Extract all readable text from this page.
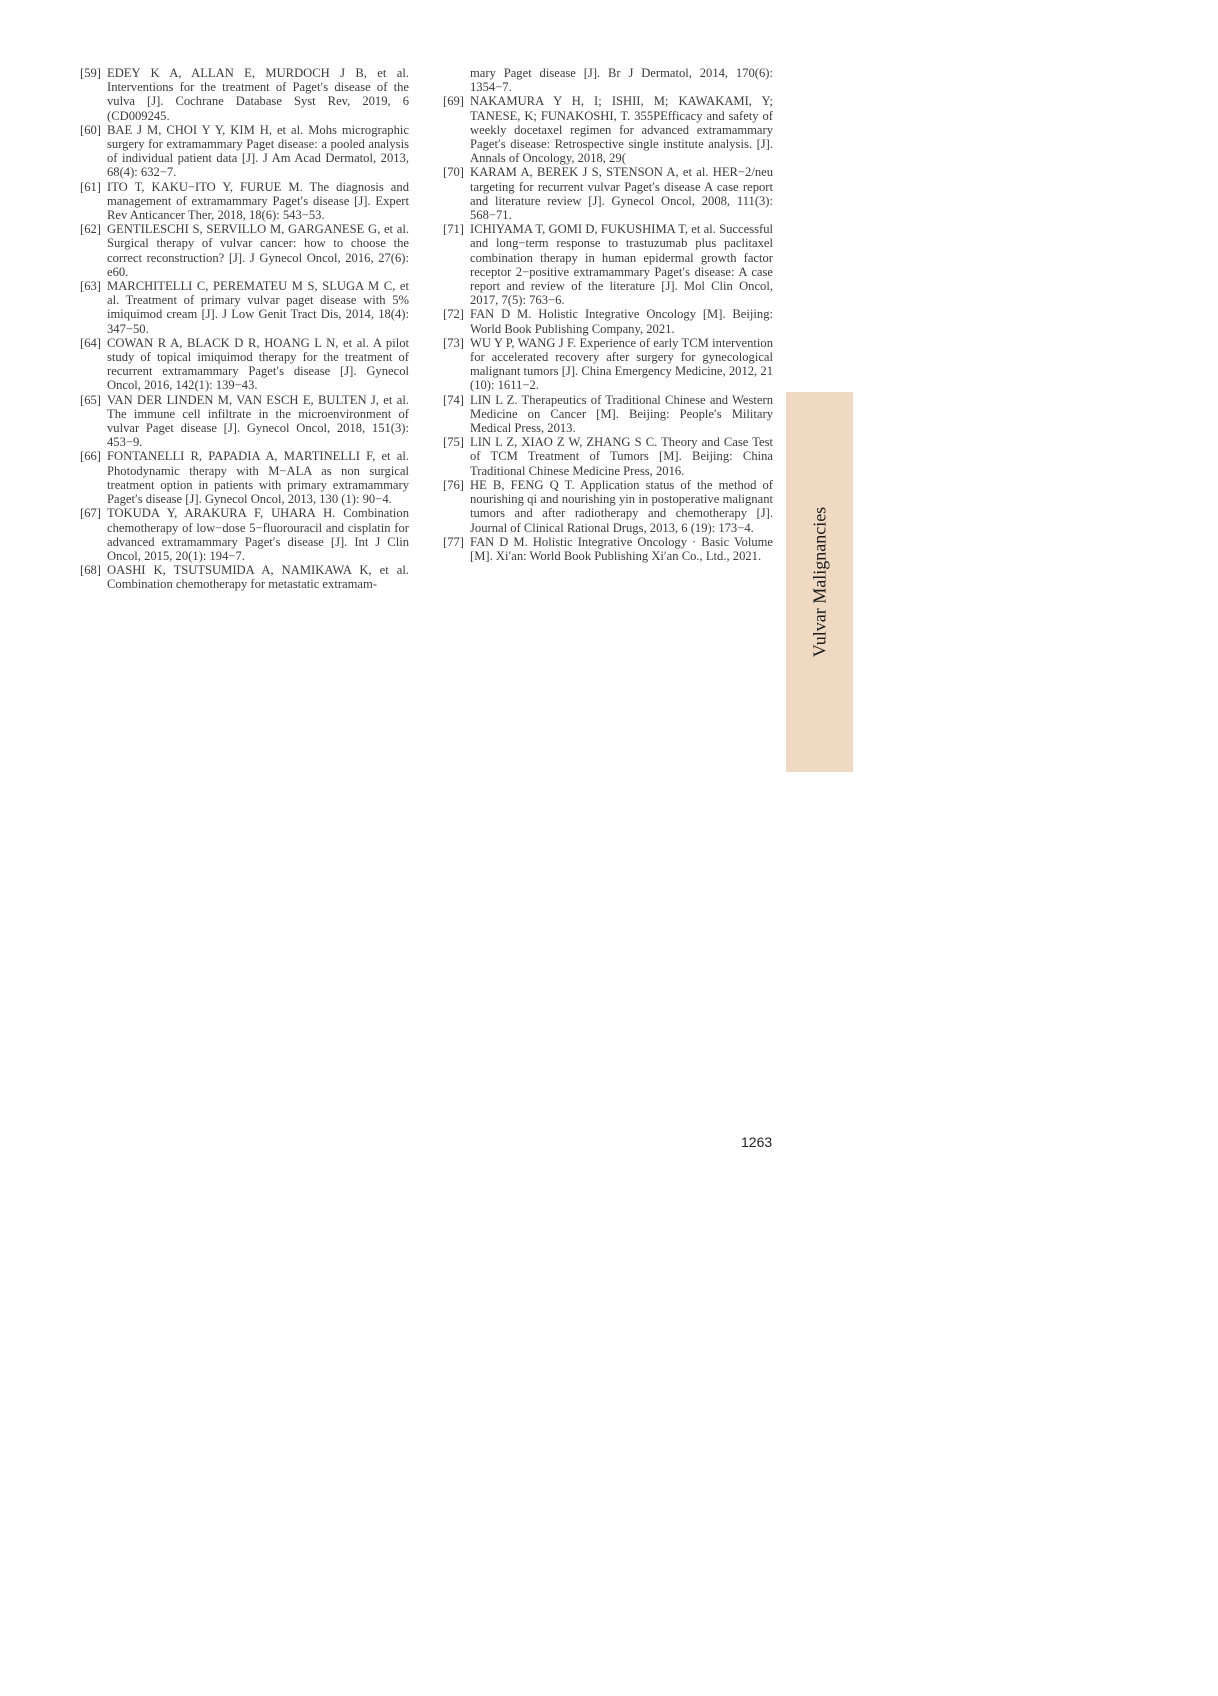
[59] EDEY K A, ALLAN E, MURDOCH J B, et al. Interventions for the treatment of Paget′s disease of the vulva [J]. Cochrane Database Syst Rev, 2019, 6 (CD009245.
[60] BAE J M, CHOI Y Y, KIM H, et al. Mohs micrographic surgery for extramammary Paget disease: a pooled analysis of individual patient data [J]. J Am Acad Dermatol, 2013, 68(4): 632−7.
[61] ITO T, KAKU−ITO Y, FURUE M. The diagnosis and management of extramammary Paget′s disease [J]. Expert Rev Anticancer Ther, 2018, 18(6): 543−53.
[62] GENTILESCHI S, SERVILLO M, GARGANESE G, et al. Surgical therapy of vulvar cancer: how to choose the correct reconstruction? [J]. J Gynecol Oncol, 2016, 27(6): e60.
[63] MARCHITELLI C, PEREMATEU M S, SLUGA M C, et al. Treatment of primary vulvar paget disease with 5% imiquimod cream [J]. J Low Genit Tract Dis, 2014, 18(4): 347−50.
[64] COWAN R A, BLACK D R, HOANG L N, et al. A pilot study of topical imiquimod therapy for the treatment of recurrent extramammary Paget′s disease [J]. Gynecol Oncol, 2016, 142(1): 139−43.
[65] VAN DER LINDEN M, VAN ESCH E, BULTEN J, et al. The immune cell infiltrate in the microenvironment of vulvar Paget disease [J]. Gynecol Oncol, 2018, 151(3): 453−9.
[66] FONTANELLI R, PAPADIA A, MARTINELLI F, et al. Photodynamic therapy with M−ALA as non surgical treatment option in patients with primary extramammary Paget′s disease [J]. Gynecol Oncol, 2013, 130 (1): 90−4.
[67] TOKUDA Y, ARAKURA F, UHARA H. Combination chemotherapy of low−dose 5−fluorouracil and cisplatin for advanced extramammary Paget′s disease [J]. Int J Clin Oncol, 2015, 20(1): 194−7.
[68] OASHI K, TSUTSUMIDA A, NAMIKAWA K, et al. Combination chemotherapy for metastatic extramam-
mary Paget disease [J]. Br J Dermatol, 2014, 170(6): 1354−7.
[69] NAKAMURA Y H, I; ISHII, M; KAWAKAMI, Y; TANESE, K; FUNAKOSHI, T. 355PEfficacy and safety of weekly docetaxel regimen for advanced extramammary Paget′s disease: Retrospective single institute analysis. [J]. Annals of Oncology, 2018, 29(
[70] KARAM A, BEREK J S, STENSON A, et al. HER−2/neu targeting for recurrent vulvar Paget′s disease A case report and literature review [J]. Gynecol Oncol, 2008, 111(3): 568−71.
[71] ICHIYAMA T, GOMI D, FUKUSHIMA T, et al. Successful and long−term response to trastuzumab plus paclitaxel combination therapy in human epidermal growth factor receptor 2−positive extramammary Paget′s disease: A case report and review of the literature [J]. Mol Clin Oncol, 2017, 7(5): 763−6.
[72] FAN D M. Holistic Integrative Oncology [M]. Beijing: World Book Publishing Company, 2021.
[73] WU Y P, WANG J F. Experience of early TCM intervention for accelerated recovery after surgery for gynecological malignant tumors [J]. China Emergency Medicine, 2012, 21 (10): 1611−2.
[74] LIN L Z. Therapeutics of Traditional Chinese and Western Medicine on Cancer [M]. Beijing: People′s Military Medical Press, 2013.
[75] LIN L Z, XIAO Z W, ZHANG S C. Theory and Case Test of TCM Treatment of Tumors [M]. Beijing: China Traditional Chinese Medicine Press, 2016.
[76] HE B, FENG Q T. Application status of the method of nourishing qi and nourishing yin in postoperative malignant tumors and after radiotherapy and chemotherapy [J]. Journal of Clinical Rational Drugs, 2013, 6 (19): 173−4.
[77] FAN D M. Holistic Integrative Oncology · Basic Volume [M]. Xi′an: World Book Publishing Xi′an Co., Ltd., 2021.	Vulvar Malignancies
1263
